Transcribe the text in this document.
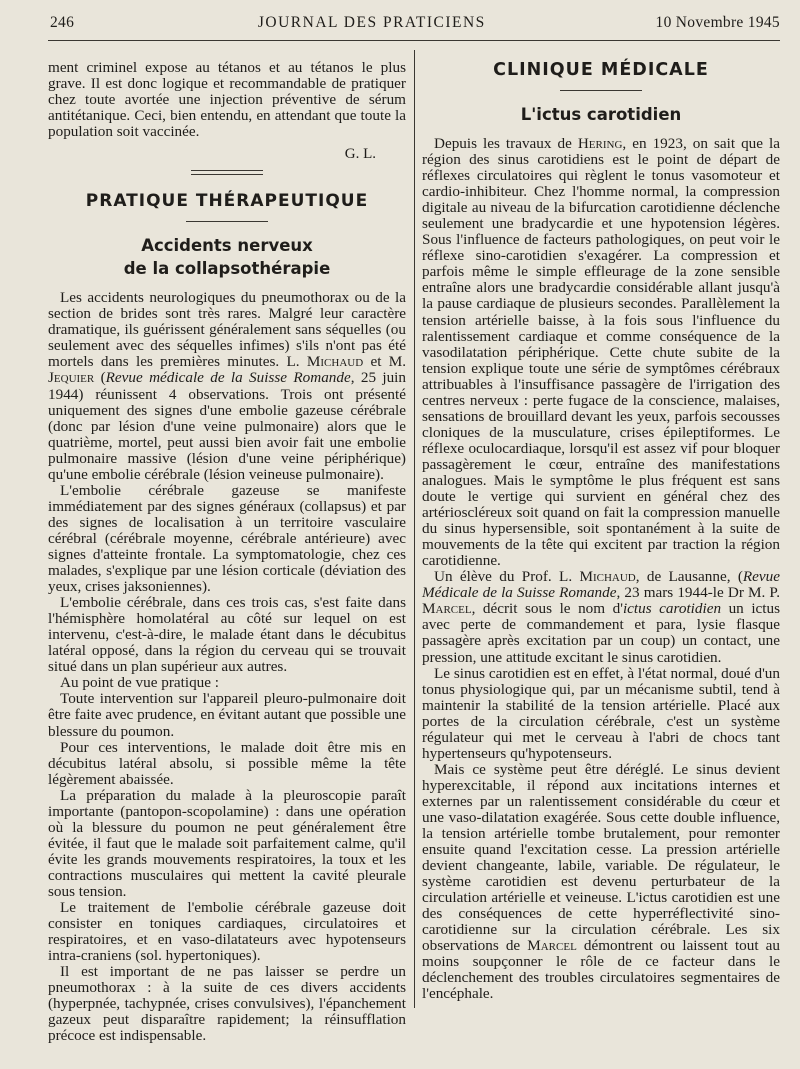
246	JOURNAL DES PRATICIENS	10 Novembre 1945

ment criminel expose au tétanos et au tétanos le plus grave. Il est donc logique et recommandable de pratiquer chez toute avortée une injection préventive de sérum antitétanique. Ceci, bien entendu, en attendant que toute la population soit vaccinée.

G. L.
PRATIQUE THÉRAPEUTIQUE
Accidents nerveux
de la collapsothérapie

Les accidents neurologiques du pneumothorax ou de la section de brides sont très rares. Malgré leur caractère dramatique, ils guérissent généralement sans séquelles (ou seulement avec des séquelles infimes) s'ils n'ont pas été mortels dans les premières minutes. L. Michaud et M. Jequier (Revue médicale de la Suisse Romande, 25 juin 1944) réunissent 4 observations. Trois ont présenté uniquement des signes d'une embolie gazeuse cérébrale (donc par lésion d'une veine pulmonaire) alors que le quatrième, mortel, peut aussi bien avoir fait une embolie pulmonaire massive (lésion d'une veine périphérique) qu'une embolie cérébrale (lésion veineuse pulmonaire).

L'embolie cérébrale gazeuse se manifeste immédiatement par des signes généraux (collapsus) et par des signes de localisation à un territoire vasculaire cérébral (cérébrale moyenne, cérébrale antérieure) avec signes d'atteinte frontale. La symptomatologie, chez ces malades, s'explique par une lésion corticale (déviation des yeux, crises jaksoniennes).

L'embolie cérébrale, dans ces trois cas, s'est faite dans l'hémisphère homolatéral au côté sur lequel on est intervenu, c'est-à-dire, le malade étant dans le décubitus latéral opposé, dans la région du cerveau qui se trouvait situé dans un plan supérieur aux autres.

Au point de vue pratique :

Toute intervention sur l'appareil pleuro-pulmonaire doit être faite avec prudence, en évitant autant que possible une blessure du poumon.

Pour ces interventions, le malade doit être mis en décubitus latéral absolu, si possible même la tête légèrement abaissée.

La préparation du malade à la pleuroscopie paraît importante (pantopon-scopolamine) : dans une opération où la blessure du poumon ne peut généralement être évitée, il faut que le malade soit parfaitement calme, qu'il évite les grands mouvements respiratoires, la toux et les contractions musculaires qui mettent la cavité pleurale sous tension.

Le traitement de l'embolie cérébrale gazeuse doit consister en toniques cardiaques, circulatoires et respiratoires, et en vaso-dilatateurs avec hypotenseurs intra-craniens (sol. hypertoniques).

Il est important de ne pas laisser se perdre un pneumothorax : à la suite de ces divers accidents (hyperpnée, tachypnée, crises convulsives), l'épanchement gazeux peut disparaître rapidement; la réinsufflation précoce est indispensable.

CLINIQUE MÉDICALE
L'ictus carotidien

Depuis les travaux de Hering, en 1923, on sait que la région des sinus carotidiens est le point de départ de réflexes circulatoires qui règlent le tonus vasomoteur et cardio-inhibiteur. Chez l'homme normal, la compression digitale au niveau de la bifurcation carotidienne déclenche seulement une bradycardie et une hypotension légères. Sous l'influence de facteurs pathologiques, on peut voir le réflexe sino-carotidien s'exagérer. La compression et parfois même le simple effleurage de la zone sensible entraîne alors une bradycardie considérable allant jusqu'à la pause cardiaque de plusieurs secondes. Parallèlement la tension artérielle baisse, à la fois sous l'influence du ralentissement cardiaque et comme conséquence de la vasodilatation périphérique. Cette chute subite de la tension explique toute une série de symptômes cérébraux attribuables à l'insuffisance passagère de l'irrigation des centres nerveux : perte fugace de la conscience, malaises, sensations de brouillard devant les yeux, parfois secousses cloniques de la musculature, crises épileptiformes. Le réflexe oculocardiaque, lorsqu'il est assez vif pour bloquer passagèrement le cœur, entraîne des manifestations analogues. Mais le symptôme le plus fréquent est sans doute le vertige qui survient en général chez des artérioscléreux soit quand on fait la compression manuelle du sinus hypersensible, soit spontanément à la suite de mouvements de la tête qui excitent par traction la région carotidienne.

Un élève du Prof. L. Michaud, de Lausanne, (Revue Médicale de la Suisse Romande, 23 mars 1944-le Dr M. P. Marcel, décrit sous le nom d'ictus carotidien un ictus avec perte de commandement et para, lysie flasque passagère après excitation par un coup) un contact, une pression, une attitude excitant le sinus carotidien.

Le sinus carotidien est en effet, à l'état normal, doué d'un tonus physiologique qui, par un mécanisme subtil, tend à maintenir la stabilité de la tension artérielle. Placé aux portes de la circulation cérébrale, c'est un système régulateur qui met le cerveau à l'abri de chocs tant hypertenseurs qu'hypotenseurs.

Mais ce système peut être déréglé. Le sinus devient hyperexcitable, il répond aux incitations internes et externes par un ralentissement considérable du cœur et une vaso-dilatation exagérée. Sous cette double influence, la tension artérielle tombe brutalement, pour remonter ensuite quand l'excitation cesse. La pression artérielle devient changeante, labile, variable. De régulateur, le système carotidien est devenu perturbateur de la circulation artérielle et veineuse. L'ictus carotidien est une des conséquences de cette hyperréflectivité sino-carotidienne sur la circulation cérébrale. Les six observations de Marcel démontrent ou laissent tout au moins soupçonner le rôle de ce facteur dans le déclenchement des troubles circulatoires segmentaires de l'encéphale.
